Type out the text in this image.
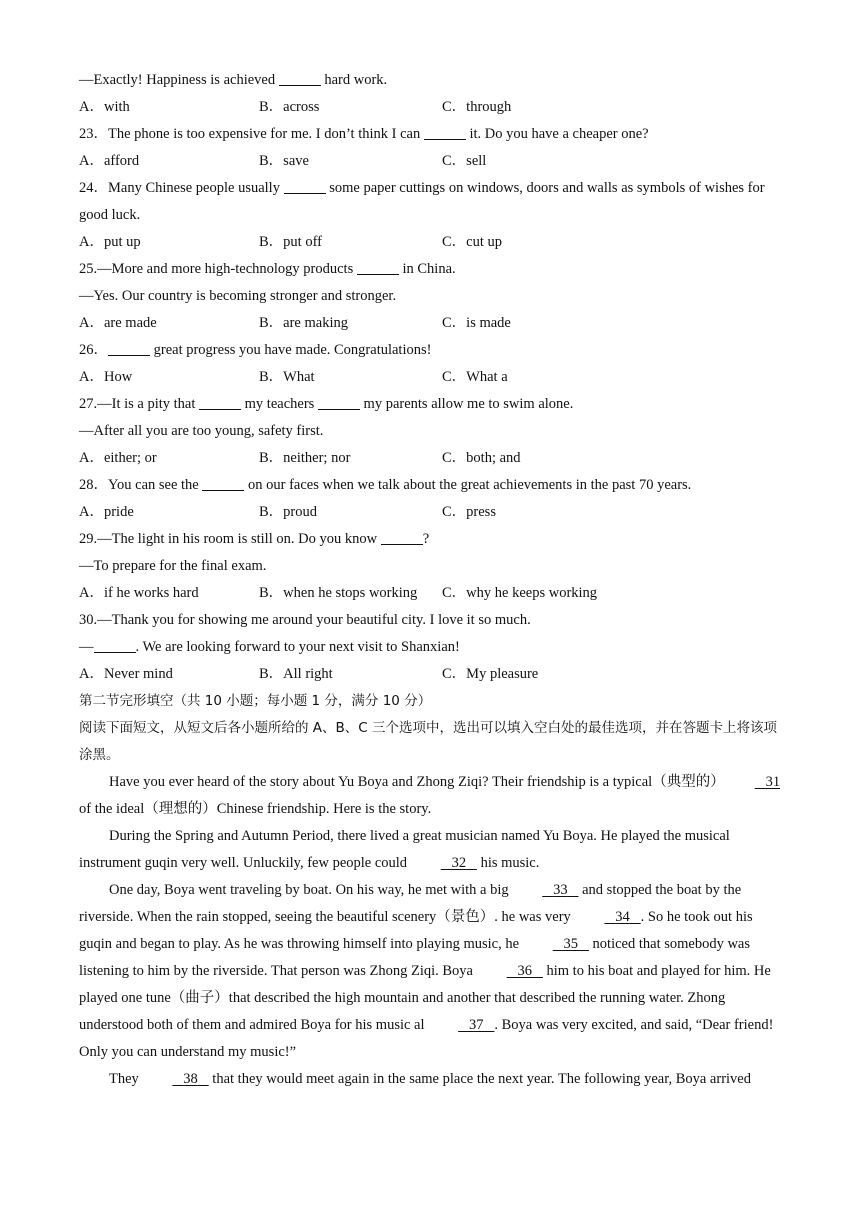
—Exactly! Happiness is achieved	hard work.
A．with	B．across	C．through
23．The phone is too expensive for me. I don’t think I can	it. Do you have a cheaper one?
A．afford	B．save	C．sell
24．Many Chinese people usually	some paper cuttings on windows, doors and walls as symbols of wishes for good luck.
A．put up	B．put off	C．cut up
25.—More and more high-technology products	in China.
—Yes. Our country is becoming stronger and stronger.
A．are made	B．are making	C．is made
26．	great progress you have made. Congratulations!
A．How	B．What	C．What a
27.—It is a pity that	my teachers	my parents allow me to swim alone.
—After all you are too young, safety first.
A．either; or	B．neither; nor	C．both; and
28．You can see the	on our faces when we talk about the great achievements in the past 70 years.
A．pride	B．proud	C．press
29.—The light in his room is still on. Do you know	?
—To prepare for the final exam.
A．if he works hard	B．when he stops working	C．why he keeps working
30.—Thank you for showing me around your beautiful city. I love it so much.
—	. We are looking forward to your next visit to Shanxian!
A．Never mind	B．All right	C．My pleasure
第二节完形填空（共 10 小题；每小题 1 分，满分 10 分）
阅读下面短文，从短文后各小题所给的 A、B、C 三个选项中，选出可以填入空白处的最佳选项，并在答题卡上将该项涂黑。
Have you ever heard of the story about Yu Boya and Zhong Ziqi? Their friendship is a typical（典型的）	31 of the ideal（理想的）Chinese friendship. Here is the story.
During the Spring and Autumn Period, there lived a great musician named Yu Boya. He played the musical instrument guqin very well. Unluckily, few people could	32 his music.
One day, Boya went traveling by boat. On his way, he met with a big	33 and stopped the boat by the riverside. When the rain stopped, seeing the beautiful scenery（景色）. he was very	34 . So he took out his guqin and began to play. As he was throwing himself into playing music, he	35 noticed that somebody was listening to him by the riverside. That person was Zhong Ziqi. Boya	36 him to his boat and played for him. He played one tune（曲子）that described the high mountain and another that described the running water. Zhong understood both of them and admired Boya for his music al	37 . Boya was very excited, and said, “Dear friend! Only you can understand my music!”
They	38 that they would meet again in the same place the next year. The following year, Boya arrived
